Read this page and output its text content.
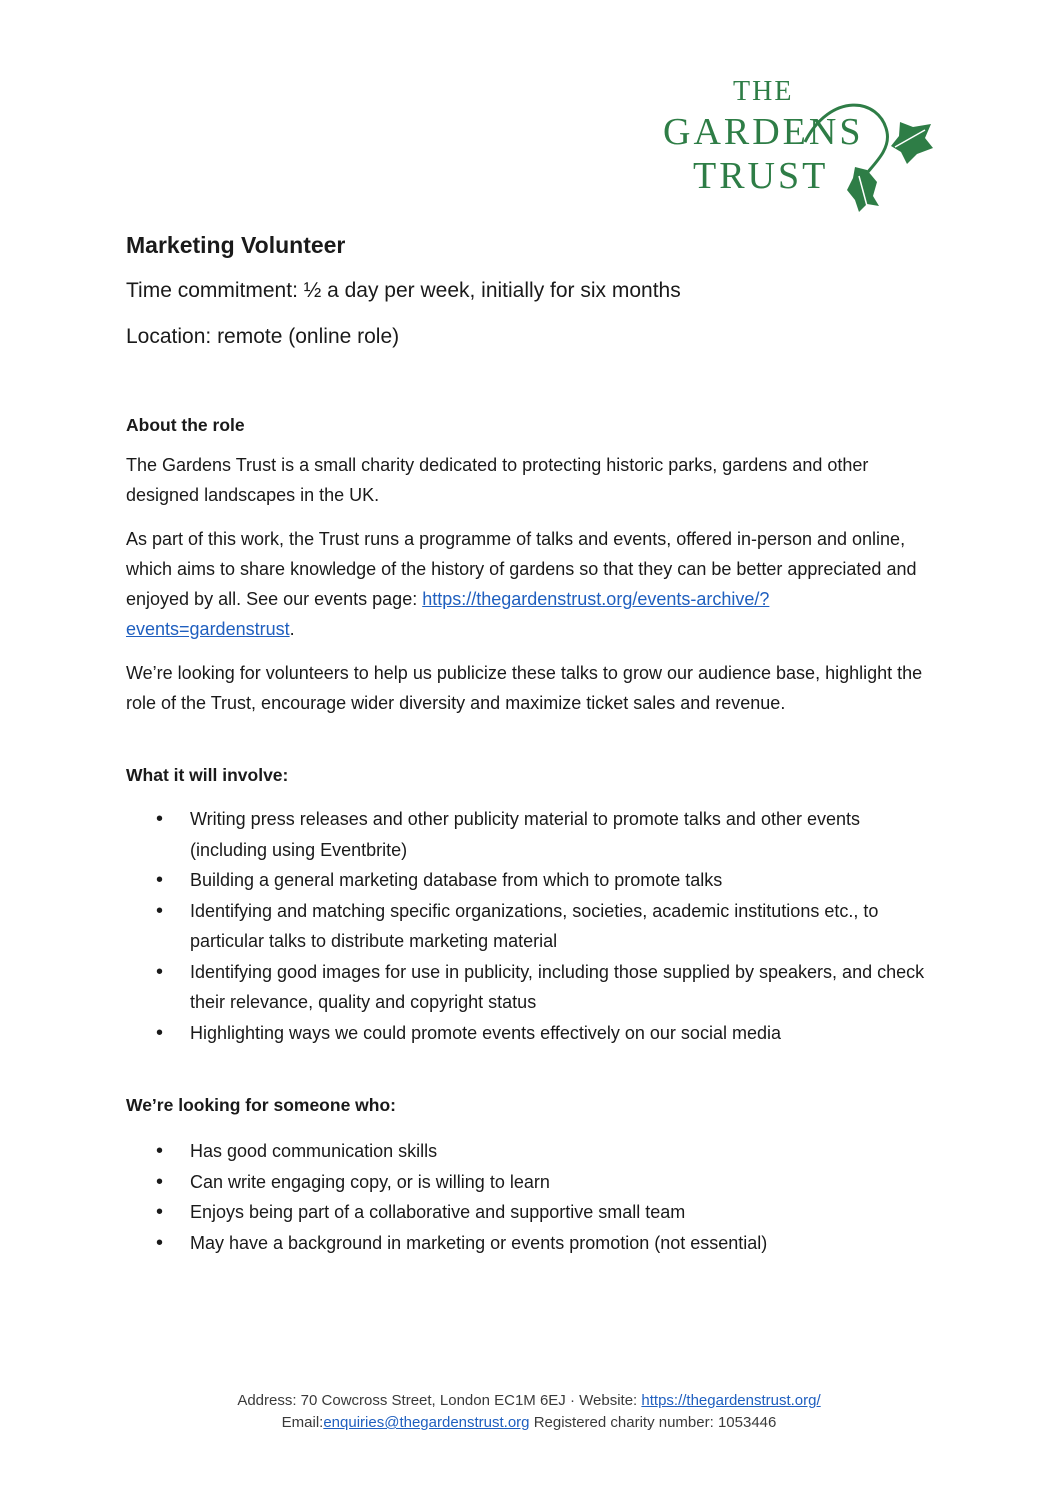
THE
GARDENS
TRUST
Marketing Volunteer
Time commitment: ½ a day per week, initially for six months
Location: remote (online role)
About the role

The Gardens Trust is a small charity dedicated to protecting historic parks, gardens and other designed landscapes in the UK.

As part of this work, the Trust runs a programme of talks and events, offered in-person and online, which aims to share knowledge of the history of gardens so that they can be better appreciated and enjoyed by all. See our events page: https://thegardenstrust.org/events-archive/?events=gardenstrust.

We’re looking for volunteers to help us publicize these talks to grow our audience base, highlight the role of the Trust, encourage wider diversity and maximize ticket sales and revenue.

What it will involve:
• Writing press releases and other publicity material to promote talks and other events (including using Eventbrite)
• Building a general marketing database from which to promote talks
• Identifying and matching specific organizations, societies, academic institutions etc., to particular talks to distribute marketing material
• Identifying good images for use in publicity, including those supplied by speakers, and check their relevance, quality and copyright status
• Highlighting ways we could promote events effectively on our social media
We’re looking for someone who:
• Has good communication skills
• Can write engaging copy, or is willing to learn
• Enjoys being part of a collaborative and supportive small team
• May have a background in marketing or events promotion (not essential)
Address: 70 Cowcross Street, London EC1M 6EJ · Website: https://thegardenstrust.org/
Email:enquiries@thegardenstrust.org Registered charity number: 1053446
